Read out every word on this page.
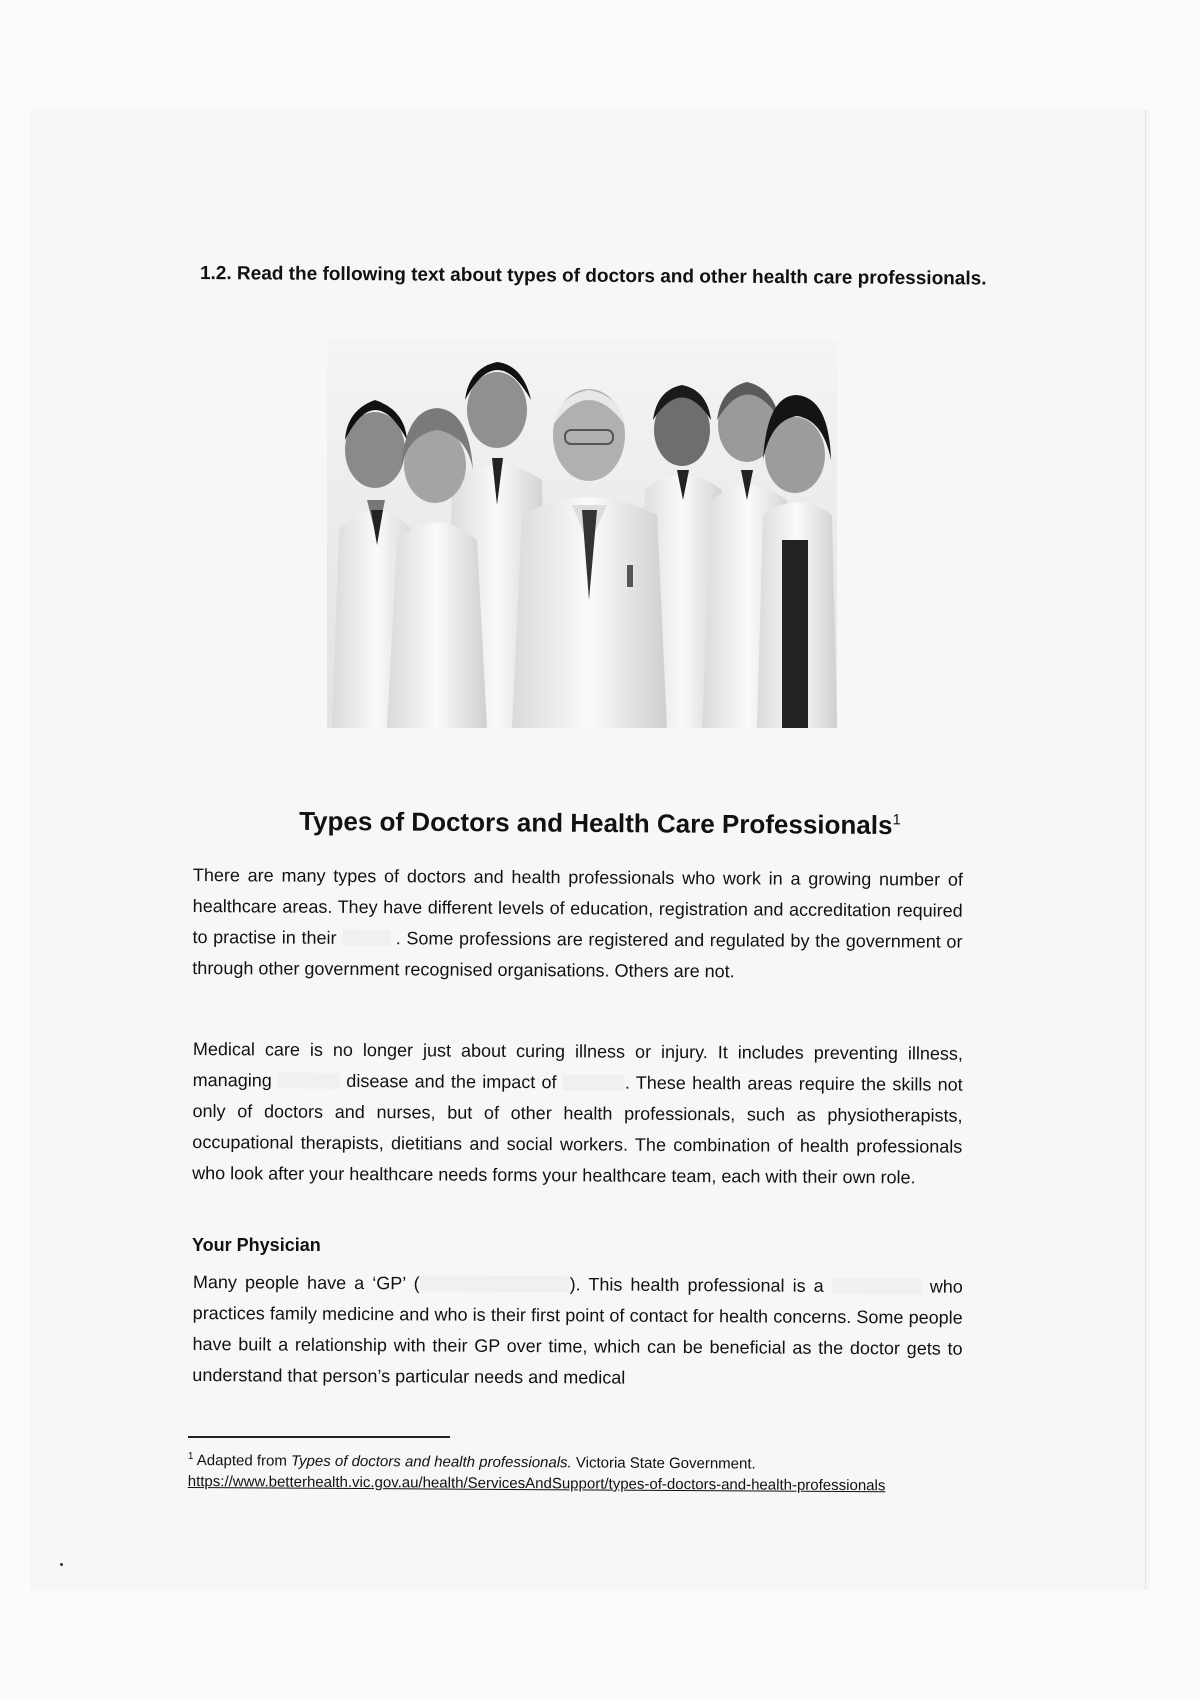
1.2. Read the following text about types of doctors and other health care professionals.
Types of Doctors and Health Care Professionals$^1$
There are many types of doctors and health professionals who work in a growing number of healthcare areas. They have different levels of education, registration and accreditation required to practise in their	. Some professions are registered and regulated by the government or through other government recognised organisations. Others are not.
Medical care is no longer just about curing illness or injury. It includes preventing illness, managing	disease and the impact of	. These health areas require the skills not only of doctors and nurses, but of other health professionals, such as physiotherapists, occupational therapists, dietitians and social workers. The combination of health professionals who look after your healthcare needs forms your healthcare team, each with their own role.
Your Physician
Many people have a ‘GP’ (	). This health professional is a	who practices family medicine and who is their first point of contact for health concerns. Some people have built a relationship with their GP over time, which can be beneficial as the doctor gets to understand that person’s particular needs and medical
$^1$ Adapted from Types of doctors and health professionals. Victoria State Government.
https://www.betterhealth.vic.gov.au/health/ServicesAndSupport/types-of-doctors-and-health-professionals
